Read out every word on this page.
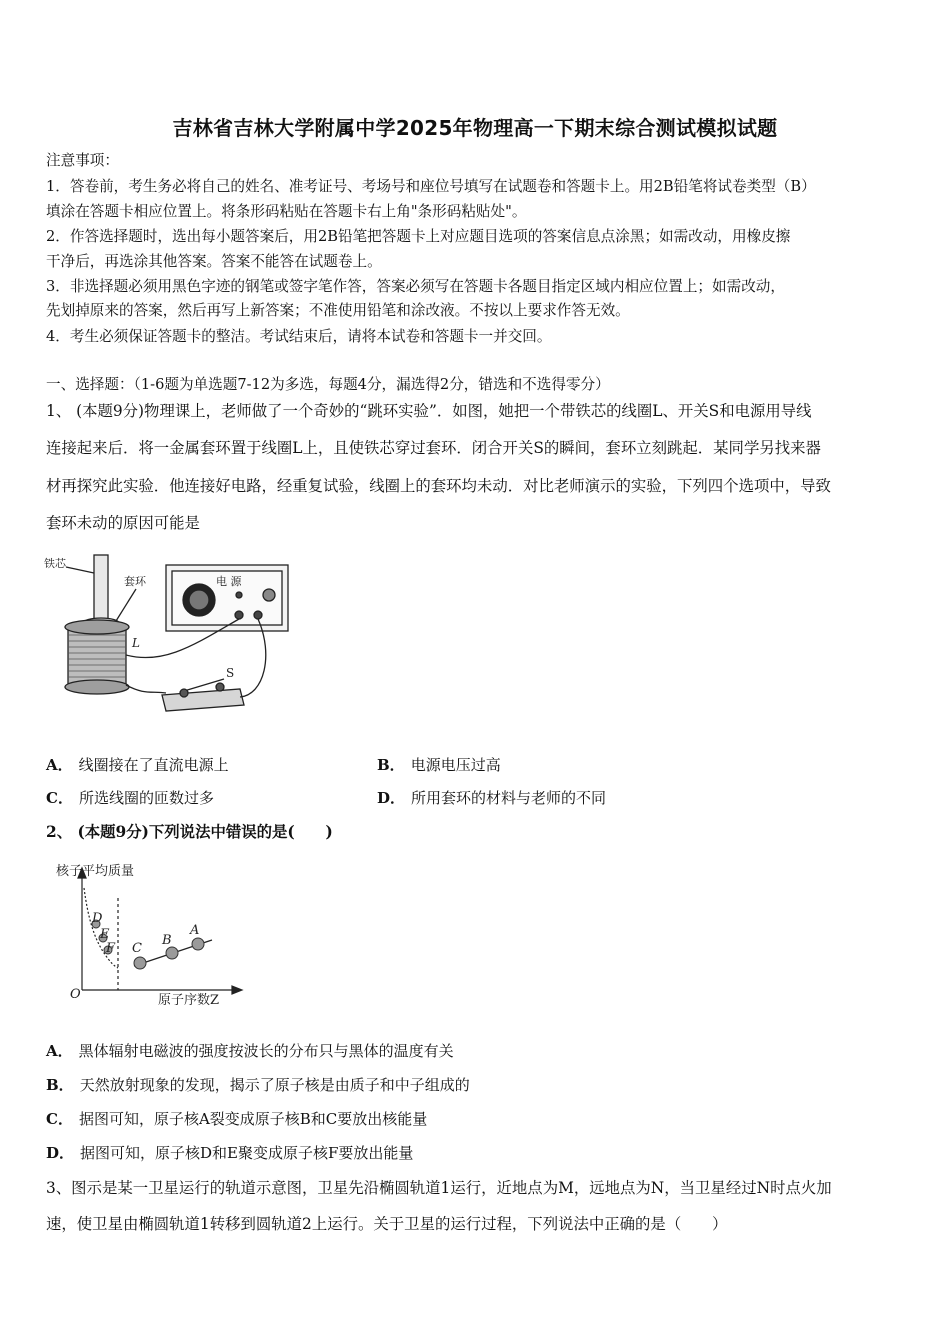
吉林省吉林大学附属中学2025年物理高一下期末综合测试模拟试题
注意事项：
1．答卷前，考生务必将自己的姓名、准考证号、考场号和座位号填写在试题卷和答题卡上。用2B铅笔将试卷类型（B）
填涂在答题卡相应位置上。将条形码粘贴在答题卡右上角"条形码粘贴处"。
2．作答选择题时，选出每小题答案后，用2B铅笔把答题卡上对应题目选项的答案信息点涂黑；如需改动，用橡皮擦
干净后，再选涂其他答案。答案不能答在试题卷上。
3．非选择题必须用黑色字迹的钢笔或签字笔作答，答案必须写在答题卡各题目指定区域内相应位置上；如需改动，
先划掉原来的答案，然后再写上新答案；不准使用铅笔和涂改液。不按以上要求作答无效。
4．考生必须保证答题卡的整洁。考试结束后，请将本试卷和答题卡一并交回。
一、选择题：（1-6题为单选题7-12为多选，每题4分，漏选得2分，错选和不选得零分）
1、 (本题9分)物理课上，老师做了一个奇妙的“跳环实验”．如图，她把一个带铁芯的线圈L、开关S和电源用导线
连接起来后．将一金属套环置于线圈L上，且使铁芯穿过套环．闭合开关S的瞬间，套环立刻跳起．某同学另找来器
材再探究此实验．他连接好电路，经重复试验，线圈上的套环均未动．对比老师演示的实验，下列四个选项中，导致
套环未动的原因可能是
铁芯
套环	电 源
L
S
A． 线圈接在了直流电源上	B． 电源电压过高
C． 所选线圈的匝数过多	D． 所用套环的材料与老师的不同
2、 (本题9分)下列说法中错误的是(　　)
D
E
F C
B
A
O
核子平均质量
原子序数Z
A． 黑体辐射电磁波的强度按波长的分布只与黑体的温度有关
B． 天然放射现象的发现，揭示了原子核是由质子和中子组成的
C． 据图可知，原子核A裂变成原子核B和C要放出核能量
D． 据图可知，原子核D和E聚变成原子核F要放出能量
3、图示是某一卫星运行的轨道示意图，卫星先沿椭圆轨道1运行，近地点为M，远地点为N，当卫星经过N时点火加
速，使卫星由椭圆轨道1转移到圆轨道2上运行。关于卫星的运行过程，下列说法中正确的是（　　）
